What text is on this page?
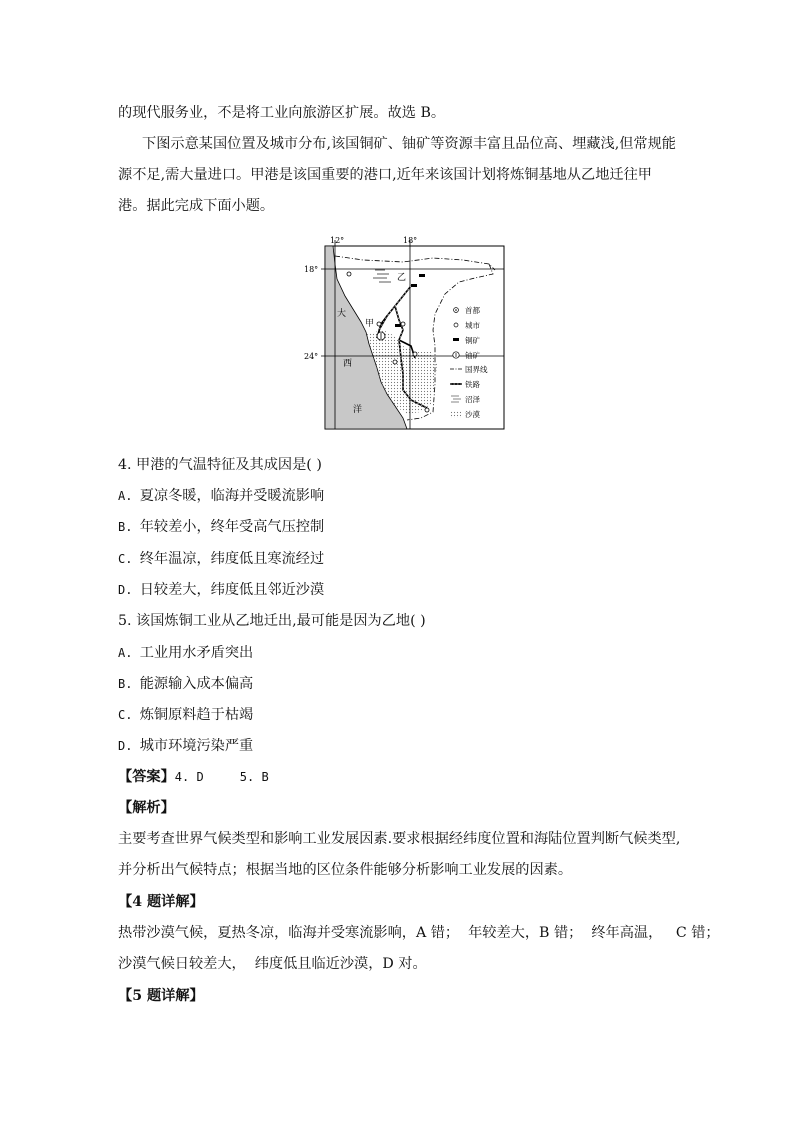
的现代服务业，不是将工业向旅游区扩展。故选 B。
下图示意某国位置及城市分布,该国铜矿、铀矿等资源丰富且品位高、埋藏浅,但常规能
源不足,需大量进口。甲港是该国重要的港口,近年来该国计划将炼铜基地从乙地迁往甲
港。据此完成下面小题。
12°	18°
18°
24°
大
西
洋
甲
乙
首都
城市
铜矿
铀矿
国界线
铁路
沼泽
沙漠
4. 甲港的气温特征及其成因是( )
A. 夏凉冬暖，临海并受暖流影响
B. 年较差小，终年受高气压控制
C. 终年温凉，纬度低且寒流经过
D. 日较差大，纬度低且邻近沙漠
5. 该国炼铜工业从乙地迁出,最可能是因为乙地( )
A. 工业用水矛盾突出
B. 能源输入成本偏高
C. 炼铜原料趋于枯竭
D. 城市环境污染严重
【答案】4. D     5. B
【解析】
主要考查世界气候类型和影响工业发展因素.要求根据经纬度位置和海陆位置判断气候类型,
并分析出气候特点；根据当地的区位条件能够分析影响工业发展的因素。
【4 题详解】
热带沙漠气候，夏热冬凉，临海并受寒流影响，A 错；  年较差大，B 错；  终年高温，   C 错；
沙漠气候日较差大，  纬度低且临近沙漠，D 对。
【5 题详解】
